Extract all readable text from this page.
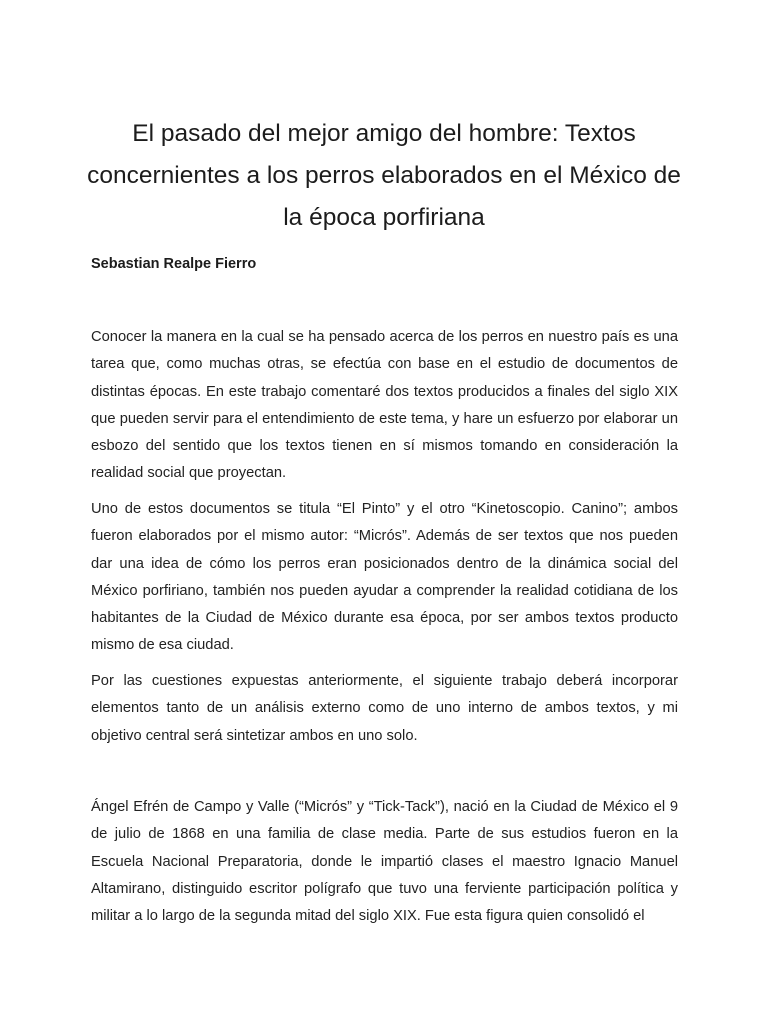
El pasado del mejor amigo del hombre: Textos concernientes a los perros elaborados en el México de la época porfiriana

Sebastian Realpe Fierro

Conocer la manera en la cual se ha pensado acerca de los perros en nuestro país es una tarea que, como muchas otras, se efectúa con base en el estudio de documentos de distintas épocas. En este trabajo comentaré dos textos producidos a finales del siglo XIX que pueden servir para el entendimiento de este tema, y hare un esfuerzo por elaborar un esbozo del sentido que los textos tienen en sí mismos tomando en consideración la realidad social que proyectan.

Uno de estos documentos se titula “El Pinto” y el otro “Kinetoscopio. Canino”; ambos fueron elaborados por el mismo autor: “Micrós”. Además de ser textos que nos pueden dar una idea de cómo los perros eran posicionados dentro de la dinámica social del México porfiriano, también nos pueden ayudar a comprender la realidad cotidiana de los habitantes de la Ciudad de México durante esa época, por ser ambos textos producto mismo de esa ciudad.

Por las cuestiones expuestas anteriormente, el siguiente trabajo deberá incorporar elementos tanto de un análisis externo como de uno interno de ambos textos, y mi objetivo central será sintetizar ambos en uno solo.

Ángel Efrén de Campo y Valle (“Micrós” y “Tick-Tack”), nació en la Ciudad de México el 9 de julio de 1868 en una familia de clase media. Parte de sus estudios fueron en la Escuela Nacional Preparatoria, donde le impartió clases el maestro Ignacio Manuel Altamirano, distinguido escritor polígrafo que tuvo una ferviente participación política y militar a lo largo de la segunda mitad del siglo XIX. Fue esta figura quien consolidó el
